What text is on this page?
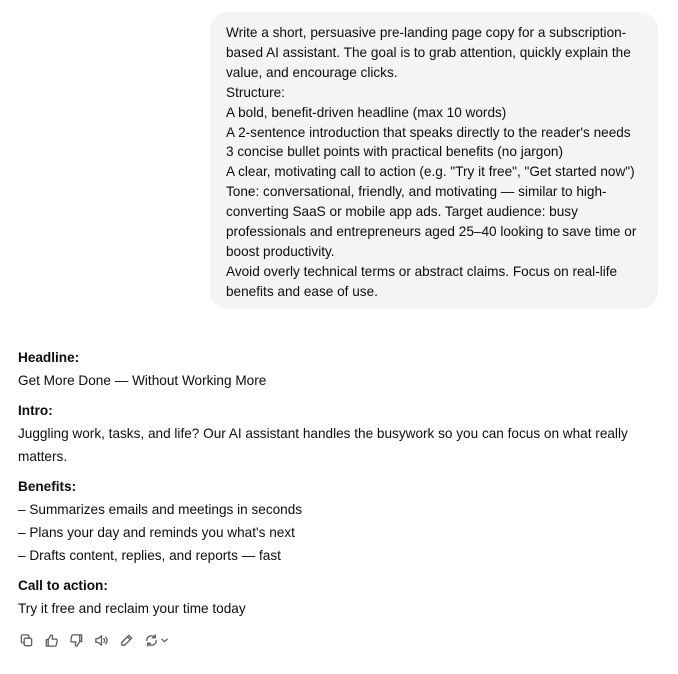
Write a short, persuasive pre-landing page copy for a subscription-
based AI assistant. The goal is to grab attention, quickly explain the
value, and encourage clicks.
Structure:
A bold, benefit-driven headline (max 10 words)
A 2-sentence introduction that speaks directly to the reader's needs
3 concise bullet points with practical benefits (no jargon)
A clear, motivating call to action (e.g. "Try it free", "Get started now")
Tone: conversational, friendly, and motivating — similar to high-
converting SaaS or mobile app ads. Target audience: busy
professionals and entrepreneurs aged 25–40 looking to save time or
boost productivity.
Avoid overly technical terms or abstract claims. Focus on real-life
benefits and ease of use.

Headline:

Get More Done — Without Working More

Intro:

Juggling work, tasks, and life? Our AI assistant handles the busywork so you can focus on what really

matters.

Benefits:

– Summarizes emails and meetings in seconds

– Plans your day and reminds you what's next

– Drafts content, replies, and reports — fast

Call to action:

Try it free and reclaim your time today
